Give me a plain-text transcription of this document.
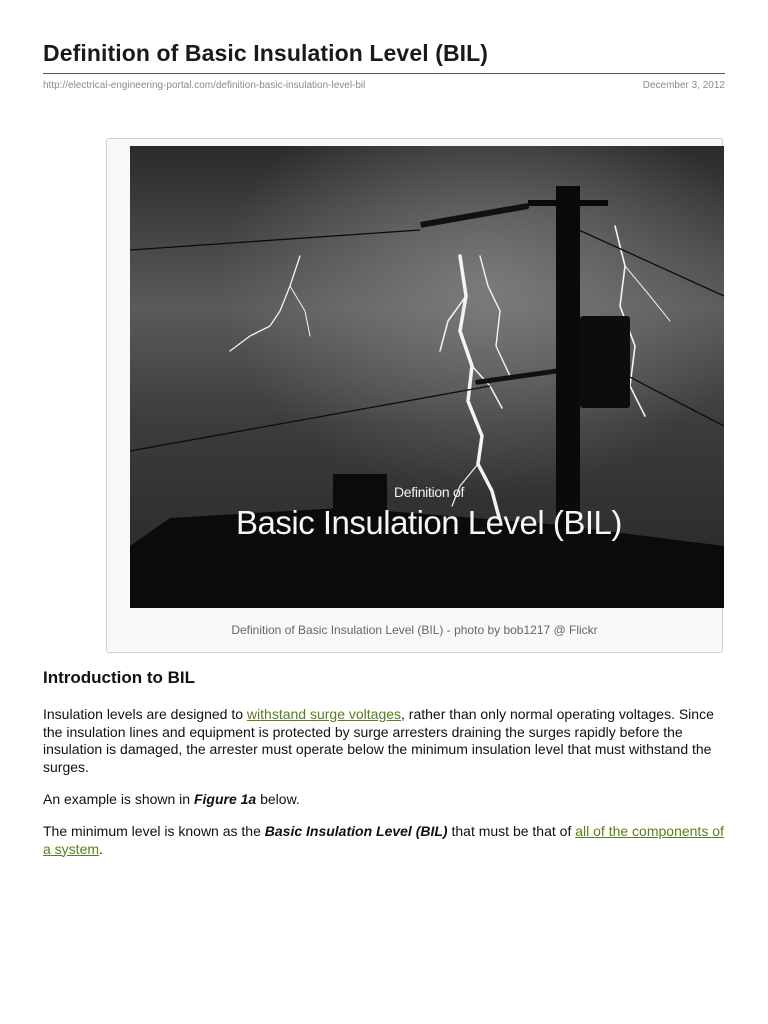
Definition of Basic Insulation Level (BIL)
http://electrical-engineering-portal.com/definition-basic-insulation-level-bil	December 3, 2012
Definition of
Basic Insulation Level (BIL)
Definition of Basic Insulation Level (BIL) - photo by bob1217 @ Flickr
Introduction to BIL

Insulation levels are designed to withstand surge voltages, rather than only normal operating voltages. Since the insulation lines and equipment is protected by surge arresters draining the surges rapidly before the insulation is damaged, the arrester must operate below the minimum insulation level that must withstand the surges.

An example is shown in Figure 1a below.

The minimum level is known as the Basic Insulation Level (BIL) that must be that of all of the components of a system.
